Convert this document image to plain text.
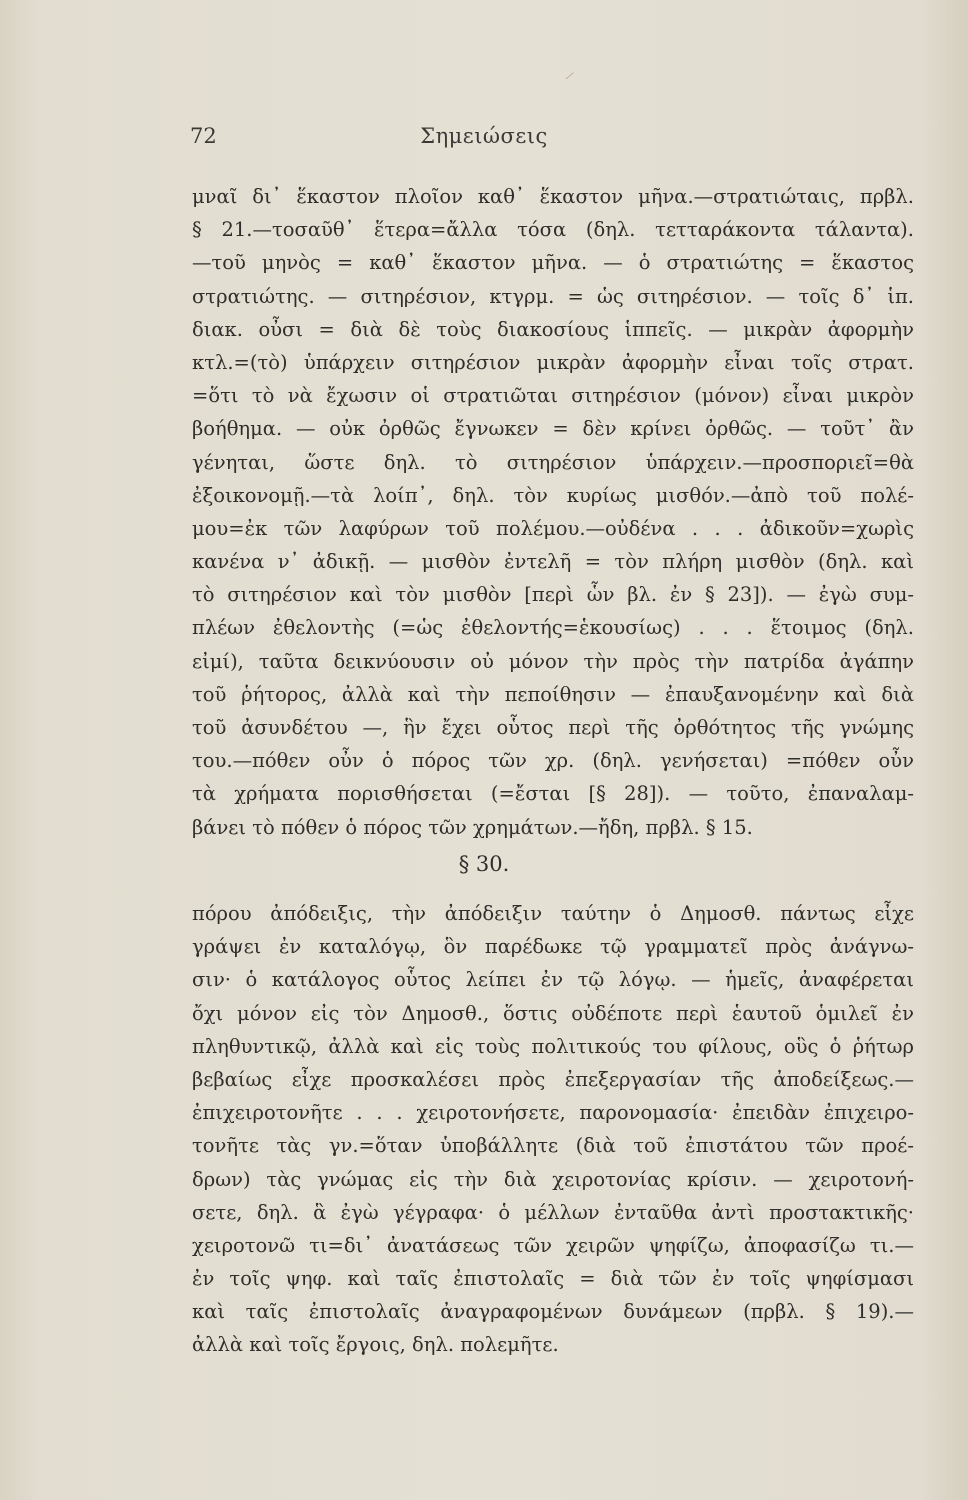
72	Σημειώσεις
μναῖ δι᾽ ἕκαστον πλοῖον καθ᾽ ἕκαστον μῆνα.—στρατιώταις, πρβλ.
§ 21.—τοσαῦθ᾽ ἕτερα=ἄλλα τόσα (δηλ. τετταράκοντα τάλαντα).
—τοῦ μηνὸς = καθ᾽ ἕκαστον μῆνα. — ὁ στρατιώτης = ἕκαστος
στρατιώτης. — σιτηρέσιον, κτγρμ. = ὡς σιτηρέσιον. — τοῖς δ᾽ ἱπ.
διακ. οὖσι = διὰ δὲ τοὺς διακοσίους ἱππεῖς. — μικρὰν ἀφορμὴν
κτλ.=(τὸ) ὑπάρχειν σιτηρέσιον μικρὰν ἀφορμὴν εἶναι τοῖς στρατ.
=ὅτι τὸ νὰ ἔχωσιν οἱ στρατιῶται σιτηρέσιον (μόνον) εἶναι μικρὸν
βοήθημα. — οὐκ ὀρθῶς ἔγνωκεν = δὲν κρίνει ὀρθῶς. — τοῦτ᾽ ἂν
γένηται, ὥστε δηλ. τὸ σιτηρέσιον ὑπάρχειν.—προσποριεῖ=θὰ
ἐξοικονομῇ.—τὰ λοίπ᾽, δηλ. τὸν κυρίως μισθόν.—ἀπὸ τοῦ πολέ-
μου=ἐκ τῶν λαφύρων τοῦ πολέμου.—οὐδένα . . . ἀδικοῦν=χωρὶς
κανένα ν᾽ ἀδικῇ. — μισθὸν ἐντελῆ = τὸν πλήρη μισθὸν (δηλ. καὶ
τὸ σιτηρέσιον καὶ τὸν μισθὸν [περὶ ὧν βλ. ἐν § 23]). — ἐγὼ συμ-
πλέων ἐθελοντὴς (=ὡς ἐθελοντής=ἑκουσίως) . . . ἕτοιμος (δηλ.
εἰμί), ταῦτα δεικνύουσιν οὐ μόνον τὴν πρὸς τὴν πατρίδα ἀγάπην
τοῦ ῥήτορος, ἀλλὰ καὶ τὴν πεποίθησιν — ἐπαυξανομένην καὶ διὰ
τοῦ ἀσυνδέτου —, ἣν ἔχει οὗτος περὶ τῆς ὀρθότητος τῆς γνώμης
του.—πόθεν οὖν ὁ πόρος τῶν χρ. (δηλ. γενήσεται) =πόθεν οὖν
τὰ χρήματα πορισθήσεται (=ἔσται [§ 28]). — τοῦτο, ἐπαναλαμ-
βάνει τὸ πόθεν ὁ πόρος τῶν χρημάτων.—ἤδη, πρβλ. § 15.
§ 30.
πόρου ἀπόδειξις, τὴν ἀπόδειξιν ταύτην ὁ Δημοσθ. πάντως εἶχε
γράψει ἐν καταλόγῳ, ὃν παρέδωκε τῷ γραμματεῖ πρὸς ἀνάγνω-
σιν· ὁ κατάλογος οὗτος λείπει ἐν τῷ λόγῳ. — ἡμεῖς, ἀναφέρεται
ὄχι μόνον εἰς τὸν Δημοσθ., ὅστις οὐδέποτε περὶ ἑαυτοῦ ὁμιλεῖ ἐν
πληθυντικῷ, ἀλλὰ καὶ εἰς τοὺς πολιτικούς του φίλους, οὓς ὁ ῥήτωρ
βεβαίως εἶχε προσκαλέσει πρὸς ἐπεξεργασίαν τῆς ἀποδείξεως.—
ἐπιχειροτονῆτε . . . χειροτονήσετε, παρονομασία· ἐπειδὰν ἐπιχειρο-
τονῆτε τὰς γν.=ὅταν ὑποβάλλητε (διὰ τοῦ ἐπιστάτου τῶν προέ-
δρων) τὰς γνώμας εἰς τὴν διὰ χειροτονίας κρίσιν. — χειροτονή-
σετε, δηλ. ἃ ἐγὼ γέγραφα· ὁ μέλλων ἐνταῦθα ἀντὶ προστακτικῆς·
χειροτονῶ τι=δι᾽ ἀνατάσεως τῶν χειρῶν ψηφίζω, ἀποφασίζω τι.—
ἐν τοῖς ψηφ. καὶ ταῖς ἐπιστολαῖς = διὰ τῶν ἐν τοῖς ψηφίσμασι
καὶ ταῖς ἐπιστολαῖς ἀναγραφομένων δυνάμεων (πρβλ. § 19).—
ἀλλὰ καὶ τοῖς ἔργοις, δηλ. πολεμῆτε.
